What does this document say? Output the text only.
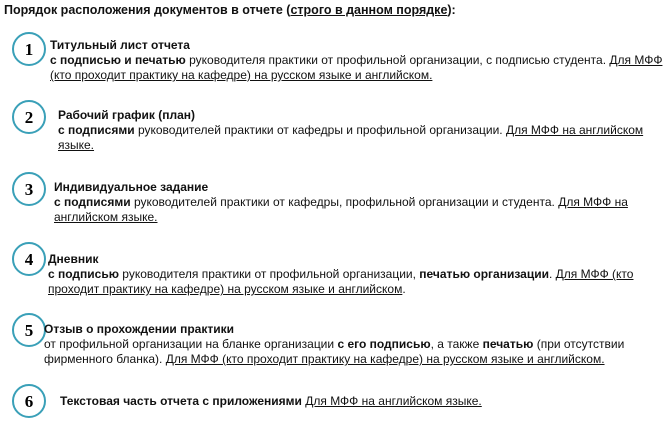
Порядок расположения документов в отчете (строго в данном порядке):
1	Титульный лист отчета
с подписью и печатью руководителя практики от профильной организации, с подписью студента. Для МФФ (кто проходит практику на кафедре) на русском языке и английском.
2	Рабочий график (план)
с подписями руководителей практики от кафедры и профильной организации. Для МФФ на английском языке.
3	Индивидуальное задание
с подписями руководителей практики от кафедры, профильной организации и студента. Для МФФ на английском языке.
4	Дневник
с подписью руководителя практики от профильной организации, печатью организации. Для МФФ (кто проходит практику на кафедре) на русском языке и английском.
5 Отзыв о прохождении практики
от профильной организации на бланке организации с его подписью, а также печатью (при отсутствии фирменного бланка). Для МФФ (кто проходит практику на кафедре) на русском языке и английском.
6	Текстовая часть отчета с приложениями Для МФФ на английском языке.
